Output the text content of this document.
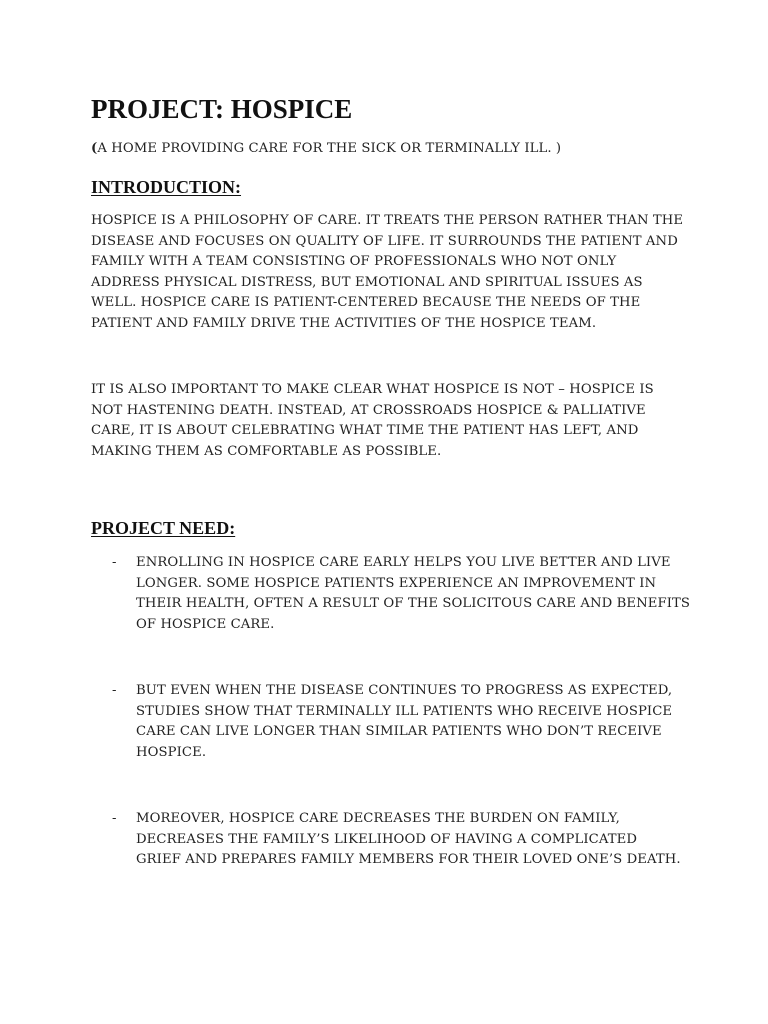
PROJECT: HOSPICE
(A HOME PROVIDING CARE FOR THE SICK OR TERMINALLY ILL. )
INTRODUCTION:
HOSPICE IS A PHILOSOPHY OF CARE. IT TREATS THE PERSON RATHER THAN THE
DISEASE AND FOCUSES ON QUALITY OF LIFE. IT SURROUNDS THE PATIENT AND
FAMILY WITH A TEAM CONSISTING OF PROFESSIONALS WHO NOT ONLY
ADDRESS PHYSICAL DISTRESS, BUT EMOTIONAL AND SPIRITUAL ISSUES AS
WELL. HOSPICE CARE IS PATIENT-CENTERED BECAUSE THE NEEDS OF THE
PATIENT AND FAMILY DRIVE THE ACTIVITIES OF THE HOSPICE TEAM.
IT IS ALSO IMPORTANT TO MAKE CLEAR WHAT HOSPICE IS NOT – HOSPICE IS
NOT HASTENING DEATH. INSTEAD, AT CROSSROADS HOSPICE & PALLIATIVE
CARE, IT IS ABOUT CELEBRATING WHAT TIME THE PATIENT HAS LEFT, AND
MAKING THEM AS COMFORTABLE AS POSSIBLE.
PROJECT NEED:
- ENROLLING IN HOSPICE CARE EARLY HELPS YOU LIVE BETTER AND LIVE
LONGER. SOME HOSPICE PATIENTS EXPERIENCE AN IMPROVEMENT IN
THEIR HEALTH, OFTEN A RESULT OF THE SOLICITOUS CARE AND BENEFITS
OF HOSPICE CARE.
- BUT EVEN WHEN THE DISEASE CONTINUES TO PROGRESS AS EXPECTED,
STUDIES SHOW THAT TERMINALLY ILL PATIENTS WHO RECEIVE HOSPICE
CARE CAN LIVE LONGER THAN SIMILAR PATIENTS WHO DON’T RECEIVE
HOSPICE.
- MOREOVER, HOSPICE CARE DECREASES THE BURDEN ON FAMILY,
DECREASES THE FAMILY’S LIKELIHOOD OF HAVING A COMPLICATED
GRIEF AND PREPARES FAMILY MEMBERS FOR THEIR LOVED ONE’S DEATH.
